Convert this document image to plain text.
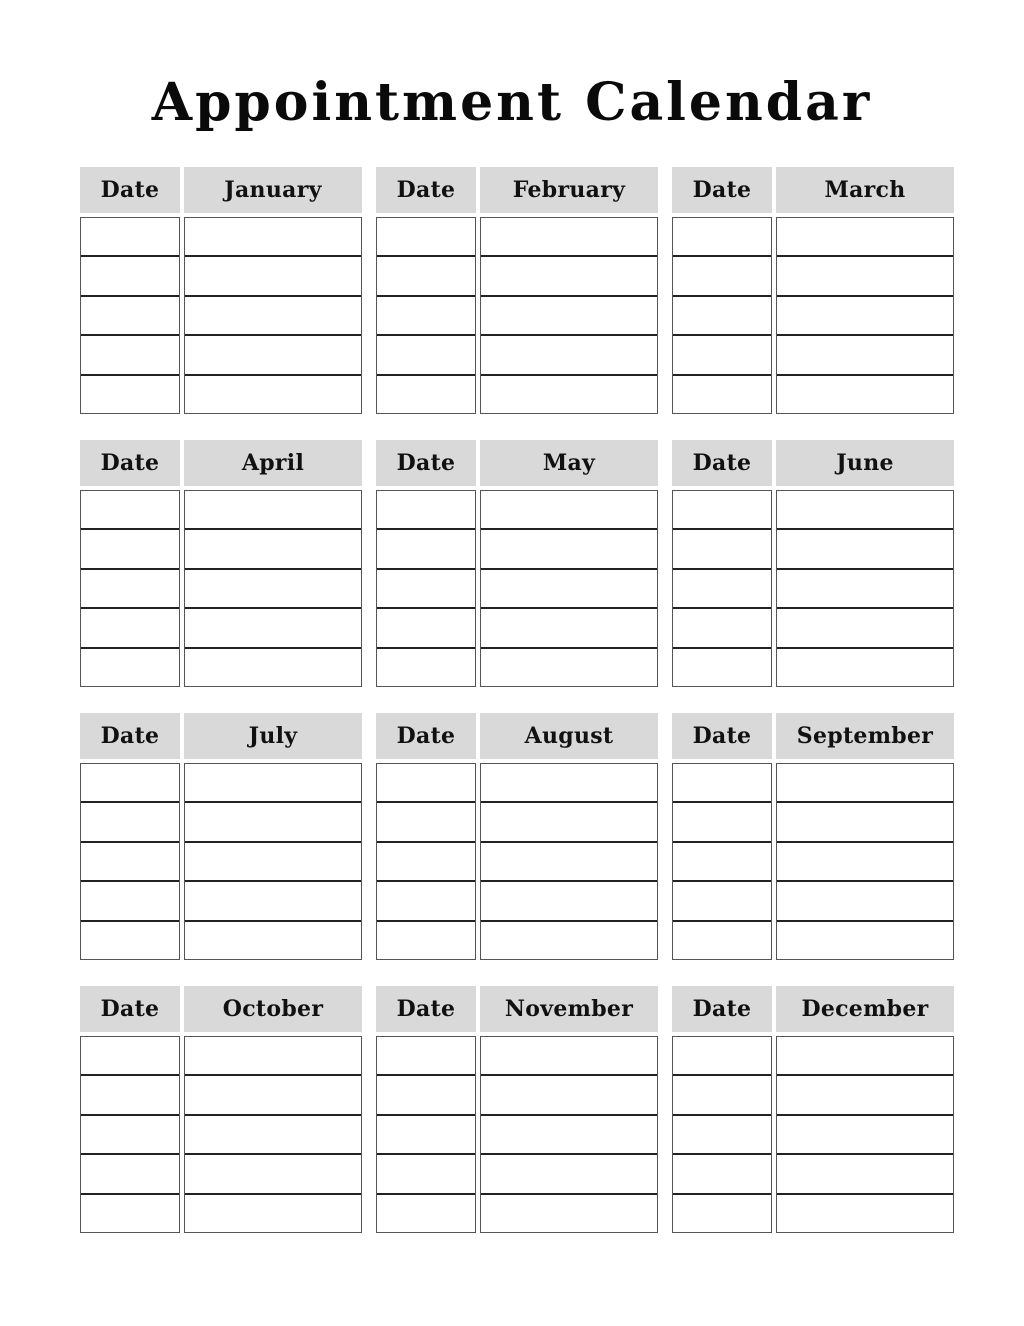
Appointment Calendar
Date	January	Date	February	Date	March
Date	April	Date	May	Date	June
Date	July	Date	August	Date	September
Date	October	Date	November	Date	December
